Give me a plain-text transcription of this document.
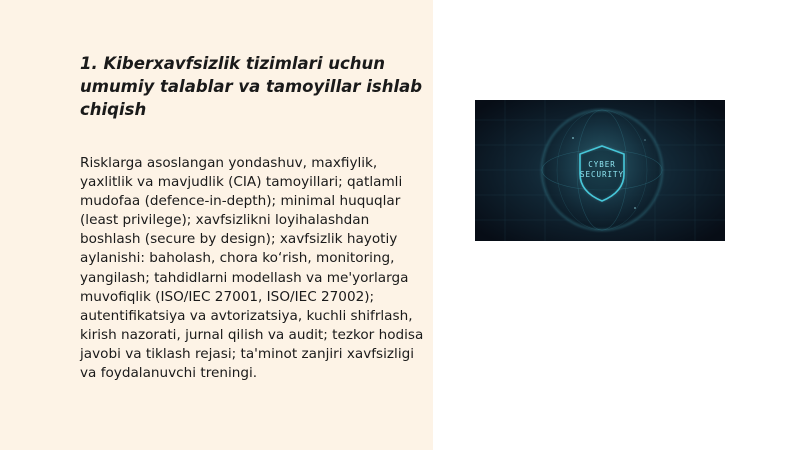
1. Kiberxavfsizlik tizimlari uchun umumiy talablar va tamoyillar ishlab chiqish

Risklarga asoslangan yondashuv, maxfiylik, yaxlitlik va mavjudlik (CIA) tamoyillari; qatlamli mudofaa (defence-in-depth); minimal huquqlar (least privilege); xavfsizlikni loyihalashdan boshlash (secure by design); xavfsizlik hayotiy aylanishi: baholash, chora ko‘rish, monitoring, yangilash; tahdidlarni modellash va me'yorlarga muvofiqlik (ISO/IEC 27001, ISO/IEC 27002); autentifikatsiya va avtorizatsiya, kuchli shifrlash, kirish nazorati, jurnal qilish va audit; tezkor hodisa javobi va tiklash rejasi; ta'minot zanjiri xavfsizligi va foydalanuvchi treningi.

CYBER
SECURITY
